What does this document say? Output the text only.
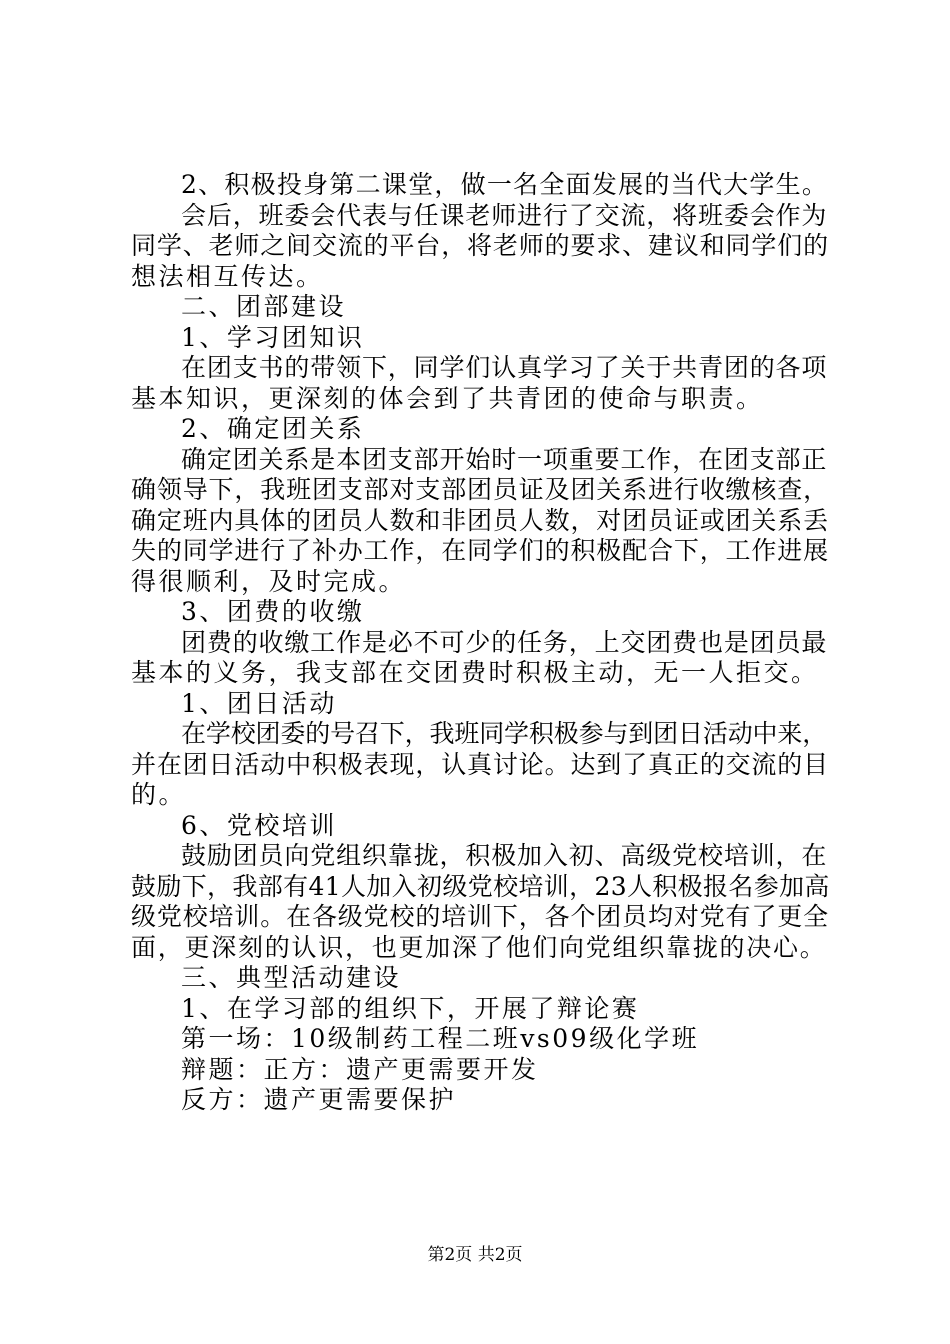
2、积极投身第二课堂，做一名全面发展的当代大学生。
会后，班委会代表与任课老师进行了交流，将班委会作为
同学、老师之间交流的平台，将老师的要求、建议和同学们的
想法相互传达。
二、团部建设
1、学习团知识
在团支书的带领下，同学们认真学习了关于共青团的各项
基本知识，更深刻的体会到了共青团的使命与职责。
2、确定团关系
确定团关系是本团支部开始时一项重要工作，在团支部正
确领导下，我班团支部对支部团员证及团关系进行收缴核查，
确定班内具体的团员人数和非团员人数，对团员证或团关系丢
失的同学进行了补办工作，在同学们的积极配合下，工作进展
得很顺利，及时完成。
3、团费的收缴
团费的收缴工作是必不可少的任务，上交团费也是团员最
基本的义务，我支部在交团费时积极主动，无一人拒交。
1、团日活动
在学校团委的号召下，我班同学积极参与到团日活动中来，
并在团日活动中积极表现，认真讨论。达到了真正的交流的目
的。
6、党校培训
鼓励团员向党组织靠拢，积极加入初、高级党校培训，在
鼓励下，我部有41人加入初级党校培训，23人积极报名参加高
级党校培训。在各级党校的培训下，各个团员均对党有了更全
面，更深刻的认识，也更加深了他们向党组织靠拢的决心。
三、典型活动建设
1、在学习部的组织下，开展了辩论赛
第一场：10级制药工程二班vs09级化学班
辩题：正方：遗产更需要开发
反方：遗产更需要保护
第2页 共2页
